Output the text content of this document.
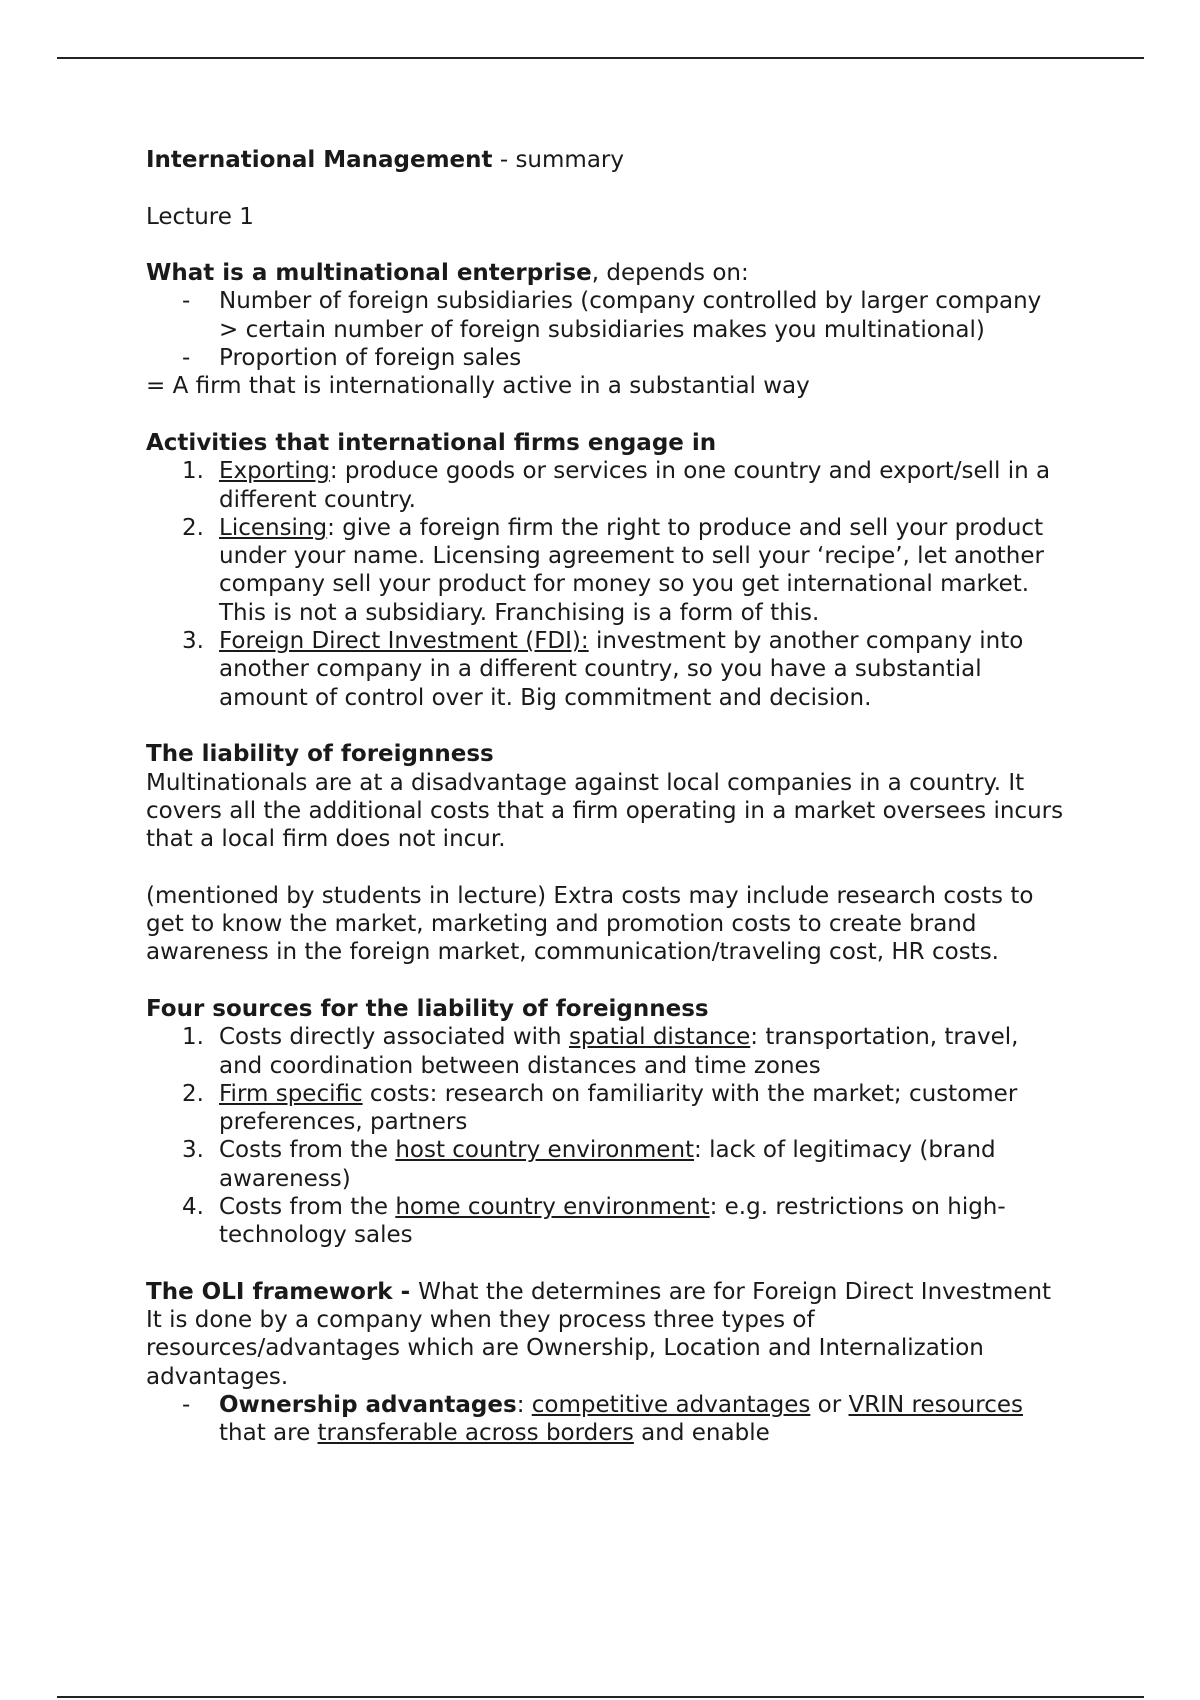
International Management - summary
Lecture 1
What is a multinational enterprise, depends on:
- Number of foreign subsidiaries (company controlled by larger company > certain number of foreign subsidiaries makes you multinational)
- Proportion of foreign sales
= A firm that is internationally active in a substantial way
Activities that international firms engage in
1. Exporting: produce goods or services in one country and export/sell in a different country.
2. Licensing: give a foreign firm the right to produce and sell your product under your name. Licensing agreement to sell your ‘recipe’, let another company sell your product for money so you get international market. This is not a subsidiary. Franchising is a form of this.
3. Foreign Direct Investment (FDI): investment by another company into another company in a different country, so you have a substantial amount of control over it. Big commitment and decision.
The liability of foreignness
Multinationals are at a disadvantage against local companies in a country. It covers all the additional costs that a firm operating in a market oversees incurs that a local firm does not incur.
(mentioned by students in lecture) Extra costs may include research costs to get to know the market, marketing and promotion costs to create brand awareness in the foreign market, communication/traveling cost, HR costs.
Four sources for the liability of foreignness
1. Costs directly associated with spatial distance: transportation, travel, and coordination between distances and time zones
2. Firm specific costs: research on familiarity with the market; customer preferences, partners
3. Costs from the host country environment: lack of legitimacy (brand awareness)
4. Costs from the home country environment: e.g. restrictions on high-technology sales
The OLI framework - What the determines are for Foreign Direct Investment
It is done by a company when they process three types of resources/advantages which are Ownership, Location and Internalization advantages.
- Ownership advantages: competitive advantages or VRIN resources that are transferable across borders and enable
